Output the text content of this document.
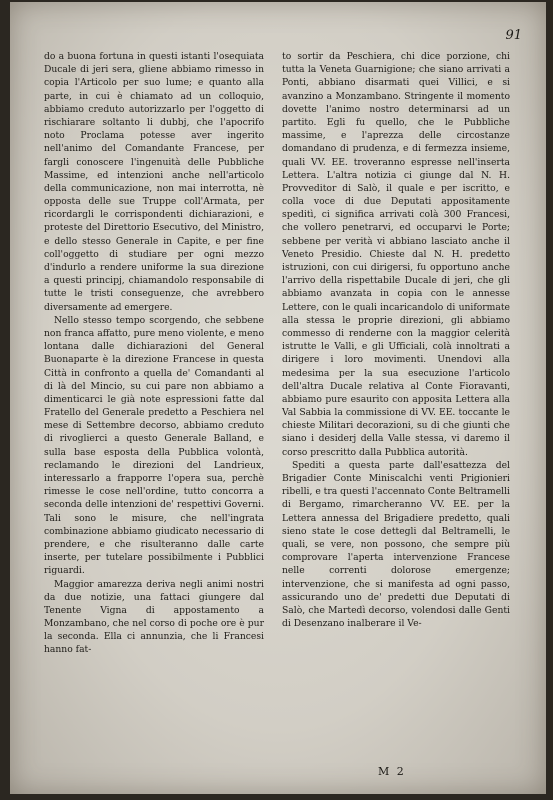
91

do a buona fortuna in questi istanti l'osequiata Ducale di jeri sera, gliene abbiamo rimesso in copia l'Articolo per suo lume; e quanto alla parte, in cui è chiamato ad un colloquio, abbiamo creduto autorizzarlo per l'oggetto di rischiarare soltanto li dubbj, che l'apocrifo noto Proclama potesse aver ingerito nell'animo del Comandante Francese, per fargli conoscere l'ingenuità delle Pubbliche Massime, ed intenzioni anche nell'articolo della communicazione, non mai interrotta, nè opposta delle sue Truppe coll'Armata, per ricordargli le corrispondenti dichiarazioni, e proteste del Direttorio Esecutivo, del Ministro, e dello stesso Generale in Capite, e per fine coll'oggetto di studiare per ogni mezzo d'indurlo a rendere uniforme la sua direzione a questi principj, chiamandolo responsabile di tutte le tristi conseguenze, che avrebbero diversamente ad emergere.

Nello stesso tempo scorgendo, che sebbene non franca affatto, pure meno violente, e meno lontana dalle dichiarazioni del General Buonaparte è la direzione Francese in questa Città in confronto a quella de' Comandanti al di là del Mincio, su cui pare non abbiamo a dimenticarci le già note espressioni fatte dal Fratello del Generale predetto a Peschiera nel mese di Settembre decorso, abbiamo creduto di rivoglierci a questo Generale Balland, e sulla base esposta della Pubblica volontà, reclamando le direzioni del Landrieux, interessarlo a frapporre l'opera sua, perchè rimesse le cose nell'ordine, tutto concorra a seconda delle intenzioni de' respettivi Governi. Tali sono le misure, che nell'ingrata combinazione abbiamo giudicato necessario di prendere, e che risulteranno dalle carte inserte, per tutelare possibilmente i Pubblici riguardi.

Maggior amarezza deriva negli animi nostri da due notizie, una fattaci giungere dal Tenente Vigna di appostamento a Monzambano, che nel corso di poche ore è pur la seconda. Ella ci annunzia, che li Francesi hanno fat-

to sortir da Peschiera, chi dice porzione, chi tutta la Veneta Guarnigione; che siano arrivati a Ponti, abbiano disarmati quei Villici, e si avanzino a Monzambano. Stringente il momento dovette l'animo nostro determinarsi ad un partito. Egli fu quello, che le Pubbliche massime, e l'aprezza delle circostanze domandano di prudenza, e di fermezza insieme, quali VV. EE. troveranno espresse nell'inserta Lettera. L'altra notizia ci giunge dal N. H. Provveditor di Salò, il quale e per iscritto, e colla voce di due Deputati appositamente speditì, ci significa arrivati colà 300 Francesi, che vollero penetrarvi, ed occuparvi le Porte; sebbene per verità vi abbiano lasciato anche il Veneto Presidio. Chieste dal N. H. predetto istruzioni, con cui dirigersi, fu opportuno anche l'arrivo della rispettabile Ducale di jeri, che gli abbiamo avanzata in copia con le annesse Lettere, con le quali incaricandolo di uniformate alla stessa le proprie direzioni, gli abbiamo commesso di renderne con la maggior celerità istrutte le Valli, e gli Ufficiali, colà innoltrati a dirigere i loro movimenti. Unendovi alla medesima per la sua esecuzione l'articolo dell'altra Ducale relativa al Conte Fioravanti, abbiamo pure esaurito con apposita Lettera alla Val Sabbia la commissione di VV. EE. toccante le chieste Militari decorazioni, su di che giunti che siano i desiderj della Valle stessa, vi daremo il corso prescritto dalla Pubblica autorità.

Spediti a questa parte dall'esattezza del Brigadier Conte Miniscalchi venti Prigionieri ribelli, e tra questi l'accennato Conte Beltramelli di Bergamo, rimarcheranno VV. EE. per la Lettera annessa del Brigadiere predetto, quali sieno state le cose dettegli dal Beltramelli, le quali, se vere, non possono, che sempre più comprovare l'aperta intervenzione Francese nelle correnti dolorose emergenze; intervenzione, che si manifesta ad ogni passo, assicurando uno de' predetti due Deputati di Salò, che Martedì decorso, volendosi dalle Genti di Desenzano inalberare il Ve-

M 2
